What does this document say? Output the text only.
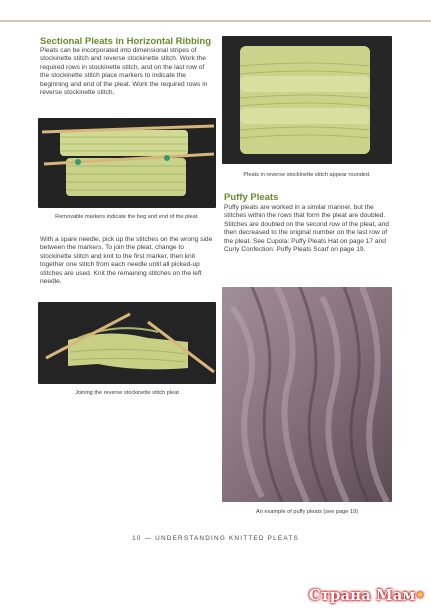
Sectional Pleats in Horizontal Ribbing
Pleats can be incorporated into dimensional stripes of stockinette stitch and reverse stockinette stitch. Work the required rows in stockinette stitch, and on the last row of the stockinette stitch place markers to indicate the beginning and end of the pleat. Work the required rows in reverse stockinette stitch.
Removable markers indicate the beg and end of the pleat.
With a spare needle, pick up the stitches on the wrong side between the markers. To join the pleat, change to stockinette stitch and knit to the first marker, then knit together one stitch from each needle until all picked-up stitches are used. Knit the remaining stitches on the left needle.
Joining the reverse stockinette stitch pleat
Pleats in reverse stockinette stitch appear rounded.
Puffy Pleats
Puffy pleats are worked in a similar manner, but the stitches within the rows that form the pleat are doubled. Stitches are doubled on the second row of the pleat, and then decreased to the original number on the last row of the pleat. See Cupola: Puffy Pleats Hat on page 17 and Curly Confection: Puffy Pleats Scarf on page 19.
An example of puffy pleats (see page 19)
10 — UNDERSTANDING KNITTED PLEATS
Страна Мам•
